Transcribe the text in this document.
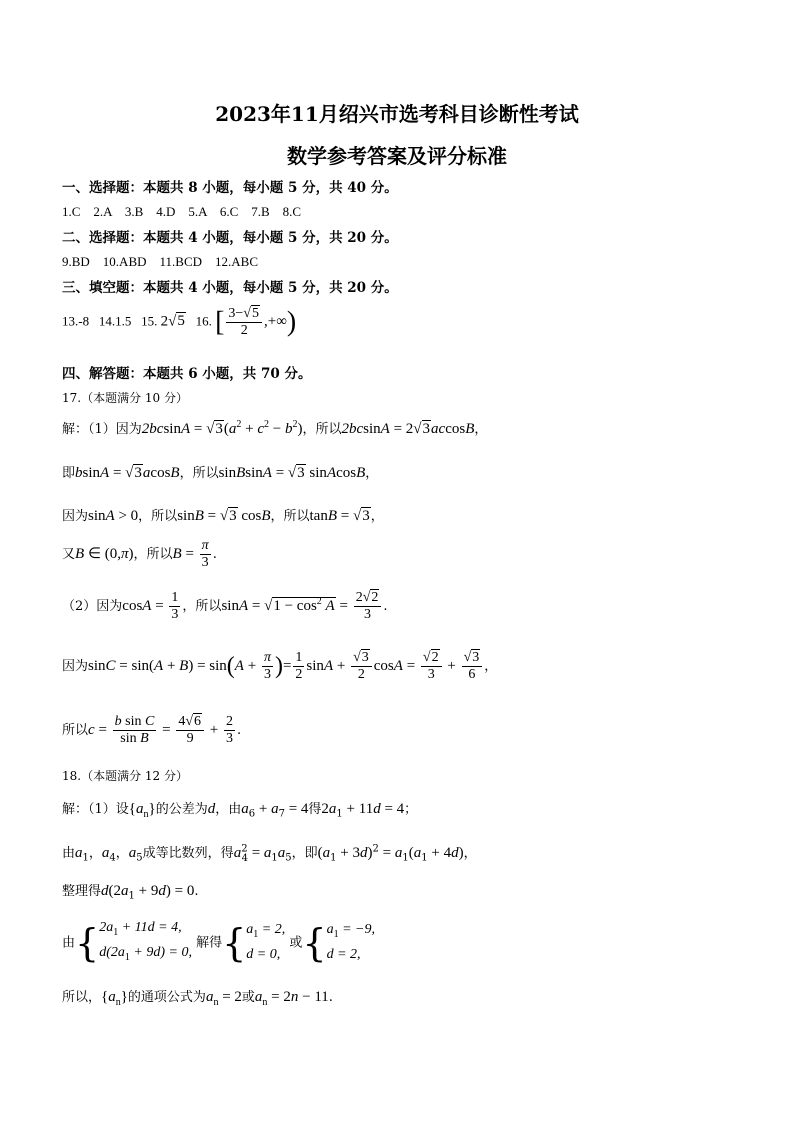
2023年11月绍兴市选考科目诊断性考试
数学参考答案及评分标准
一、选择题：本题共 8 小题，每小题 5 分，共 40 分。
1.C　2.A　3.B　4.D　5.A　6.C　7.B　8.C
二、选择题：本题共 4 小题，每小题 5 分，共 20 分。
9.BD　10.ABD　11.BCD　12.ABC
三、填空题：本题共 4 小题，每小题 5 分，共 20 分。
13.-8 14.1.5 15. 2√5 16. [ $\frac{3-√5}{2}$ ,+∞)
四、解答题：本题共 6 小题，共 70 分。
17.（本题满分 10 分）
解：（1）因为$2bcsinA = √3(a^2 + c^2 - b^2)$，所以2bcsinA = 2√3accosB，
即bsinA = √3acosB，所以sinBsinA = √3 sinAcosB，
因为sinA > 0，所以sinB = √3 cosB，所以tanB = √3，
又B ∈ (0,π)，所以$B = \frac{\pi}{3}$ .
（2）因为$\cos A = \frac{1}{3}$ ，所以$\sin A = √1 - \cos^2 A = \frac{2√2}{3}$ .
因为$\sin C = \sin(A + B) = \sin(A + \frac{\pi}{3}$ )= $\frac{1}{2}$ $\sin A + \frac{√3}{2}$ $\cos A = \frac{√2}{3} + \frac{√3}{6}$ ，
所以$c = \frac{\text{b sin C}}{\text{sin B}} = \frac{4√6}{9} + \frac{2}{3}$ .
18.（本题满分 12 分）
解：（1）设$\{a_n\}$的公差为d，由$a_6 + a_7 = 4$得$2a_1 + 11d = 4$；
由$a_1$，$a_4$，$a_5$成等比数列，得$a^2_4 = a_1a_5$，即$(a_1 + 3d)^2 = a_1(a_1 + 4d)$，
整理得$d(2a_1 + 9d) = 0$.
由{$2a_1 + 11d = 4$,
$d(2a_1 + 9d) = 0$, 解得{$a_1 = 2$,
d = 0, 或{$a_1 = -9$,
d = 2,
所以，$\{a_n\}$的通项公式为$a_n = 2$或$a_n = 2n - 11$.
